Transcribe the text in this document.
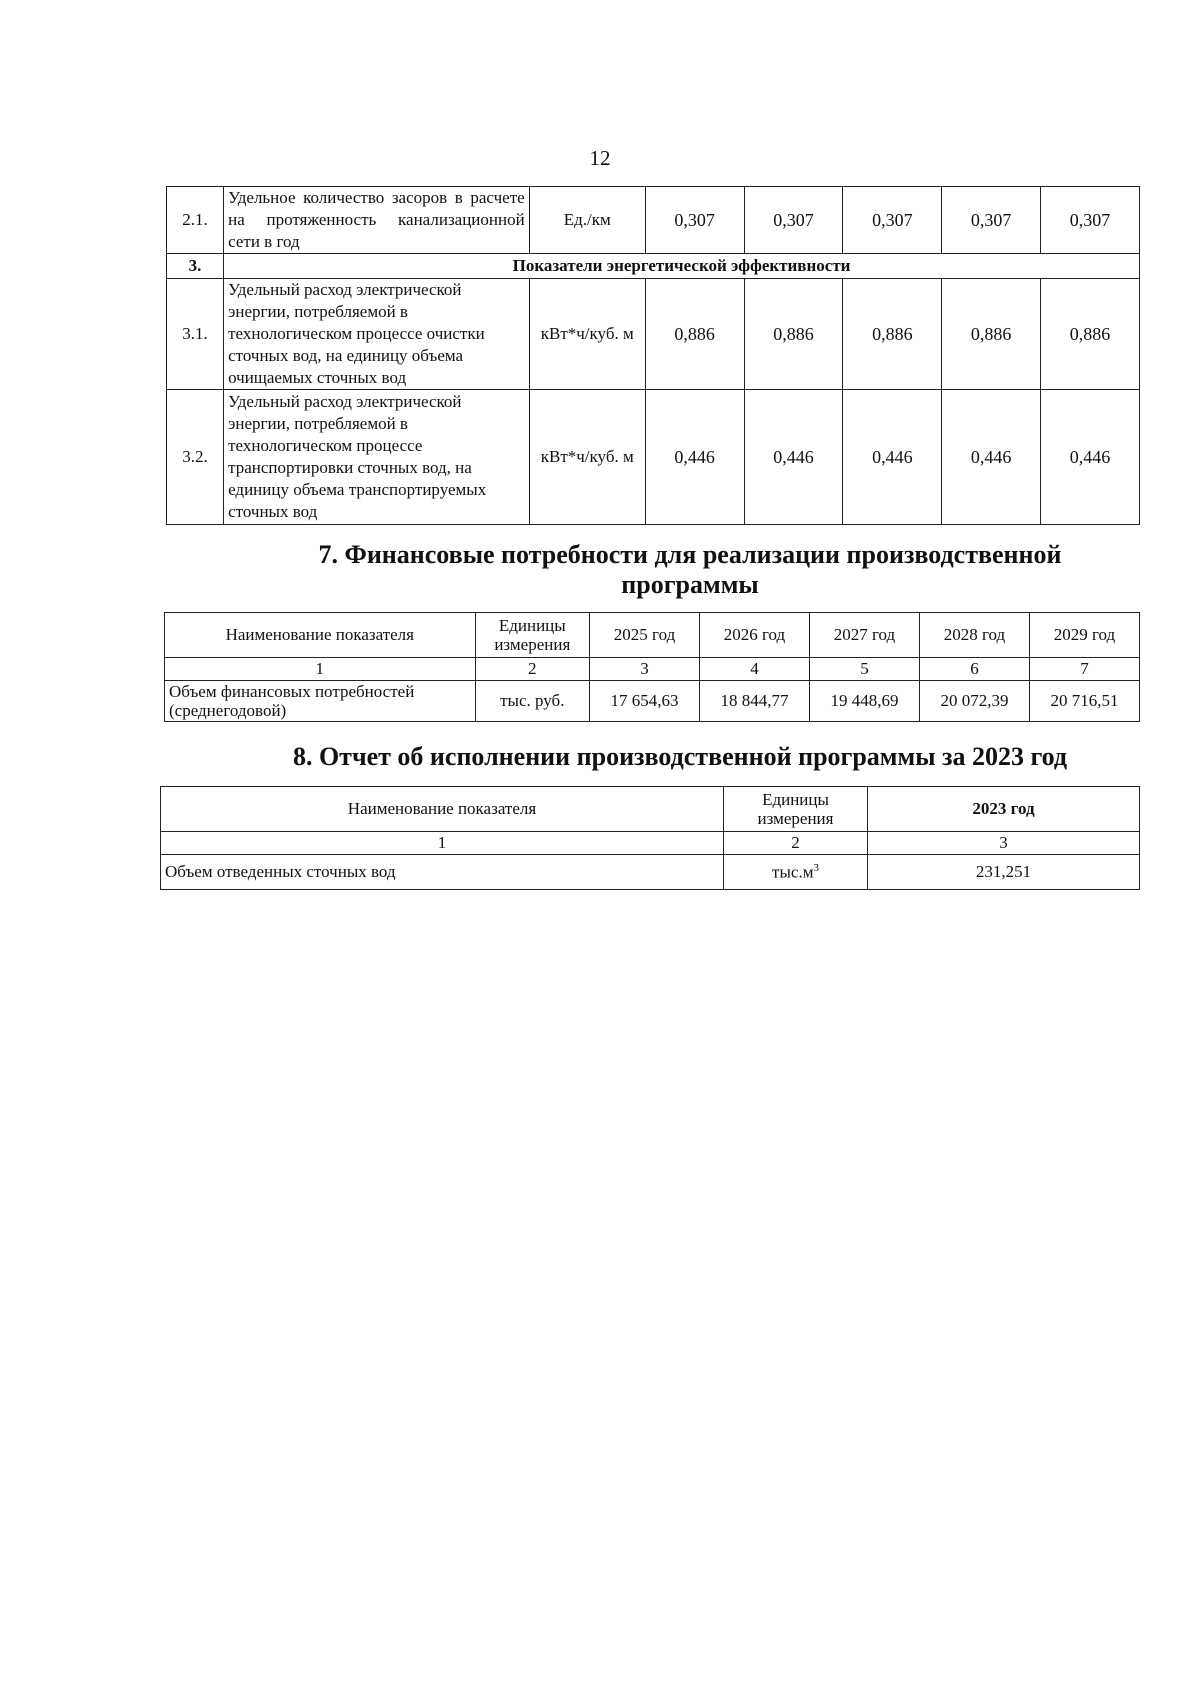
12
2.1.	Удельное количество засоров в расчете на протяженность канализационной сети в год	Ед./км	0,307	0,307	0,307	0,307	0,307
3.	Показатели энергетической эффективности						
3.1.	Удельный расход электрической энергии, потребляемой в технологическом процессе очистки сточных вод, на единицу объема очищаемых сточных вод	кВт*ч/куб. м	0,886	0,886	0,886	0,886	0,886
3.2.	Удельный расход электрической энергии, потребляемой в технологическом процессе транспортировки сточных вод, на единицу объема транспортируемых сточных вод	кВт*ч/куб. м	0,446	0,446	0,446	0,446	0,446
7. Финансовые потребности для реализации производственной программы
Наименование показателя	Единицы измерения	2025 год	2026 год	2027 год	2028 год	2029 год
1	2	3	4	5	6	7
Объем финансовых потребностей (среднегодовой)	тыс. руб.	17 654,63	18 844,77	19 448,69	20 072,39	20 716,51
8. Отчет об исполнении производственной программы за 2023 год
Наименование показателя	Единицы измерения	2023 год
1	2	3
Объем отведенных сточных вод	$тыс.м^3$	231,251
